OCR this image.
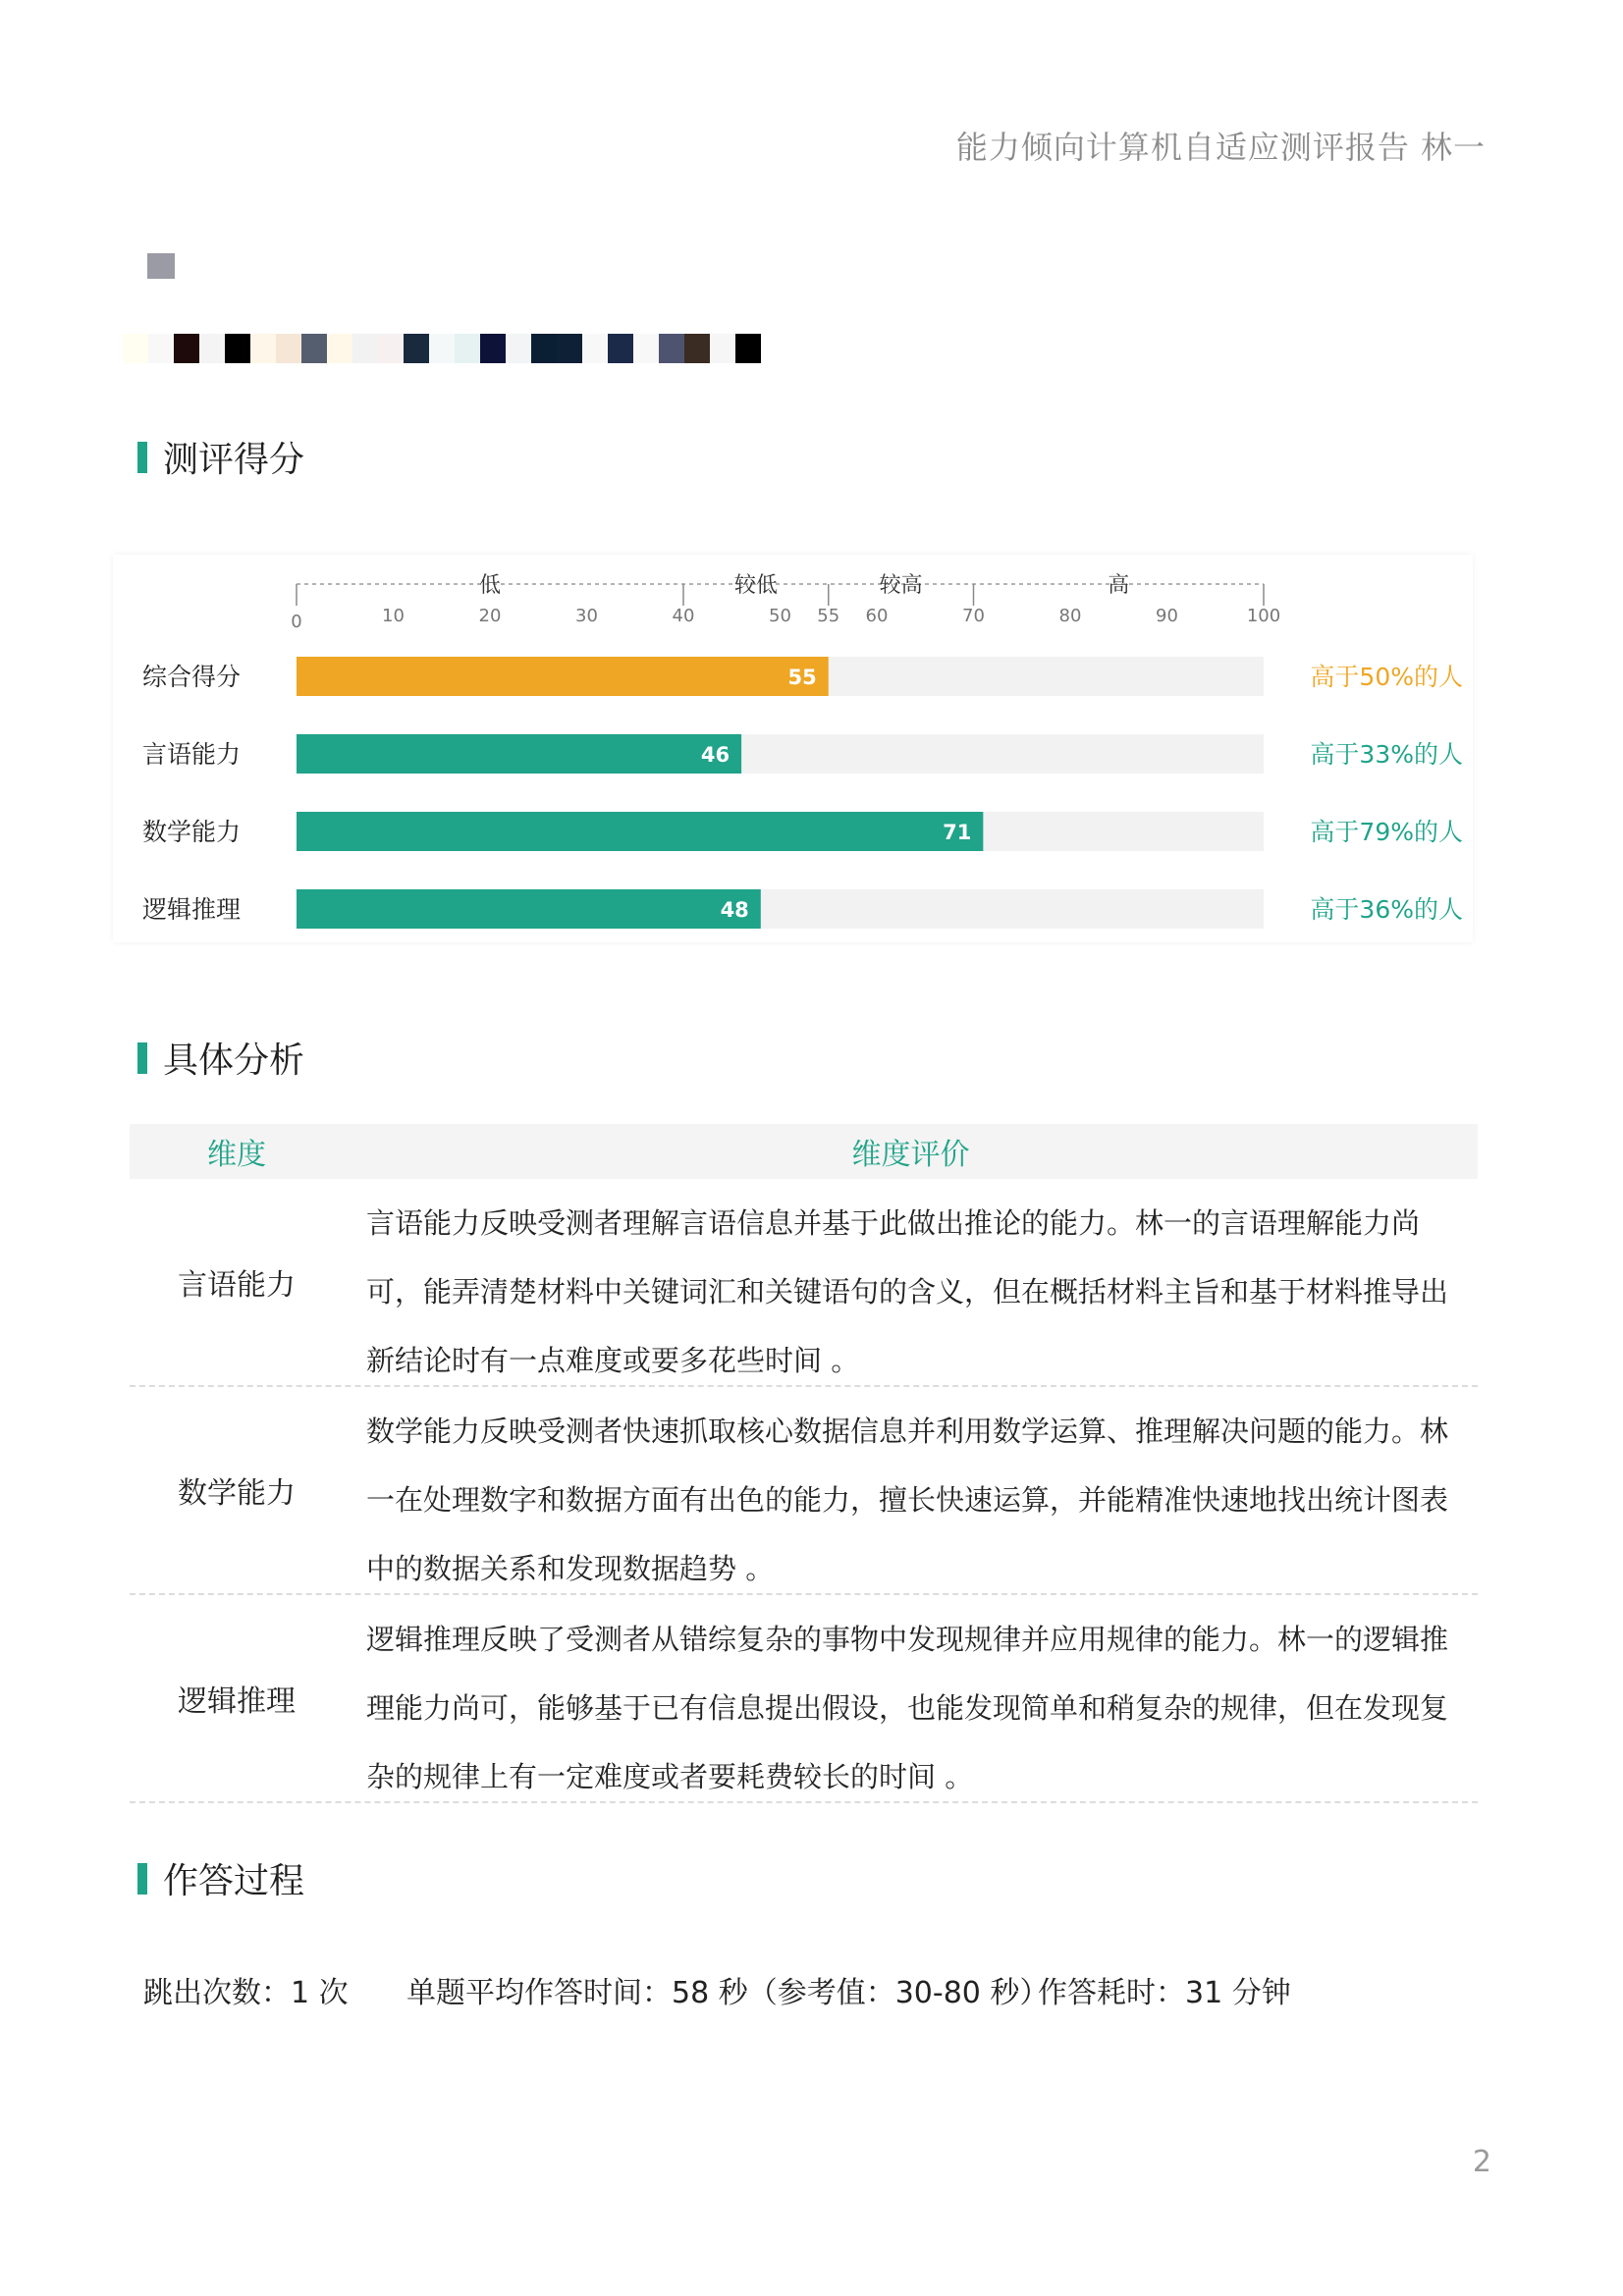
能力倾向计算机自适应测评报告 林一
测评得分
低	较低	较高	高
0	10	20	30	40	50 55 60	70	80	90	100
综合得分	55	高于50%的人
言语能力	46	高于33%的人
数学能力	71	高于79%的人
逻辑推理	48	高于36%的人
具体分析
维度	维度评价
言语能力
言语能力反映受测者理解言语信息并基于此做出推论的能力。林一的言语理解能力尚可，能弄清楚材料中关键词汇和关键语句的含义，但在概括材料主旨和基于材料推导出新结论时有一点难度或要多花些时间 。
数学能力
数学能力反映受测者快速抓取核心数据信息并利用数学运算、推理解决问题的能力。林一在处理数字和数据方面有出色的能力，擅长快速运算，并能精准快速地找出统计图表中的数据关系和发现数据趋势 。
逻辑推理
逻辑推理反映了受测者从错综复杂的事物中发现规律并应用规律的能力。林一的逻辑推理能力尚可，能够基于已有信息提出假设，也能发现简单和稍复杂的规律，但在发现复杂的规律上有一定难度或者要耗费较长的时间 。
作答过程
跳出次数：1 次	单题平均作答时间：58 秒（参考值：30-80 秒）
作答耗时：31 分钟
2
